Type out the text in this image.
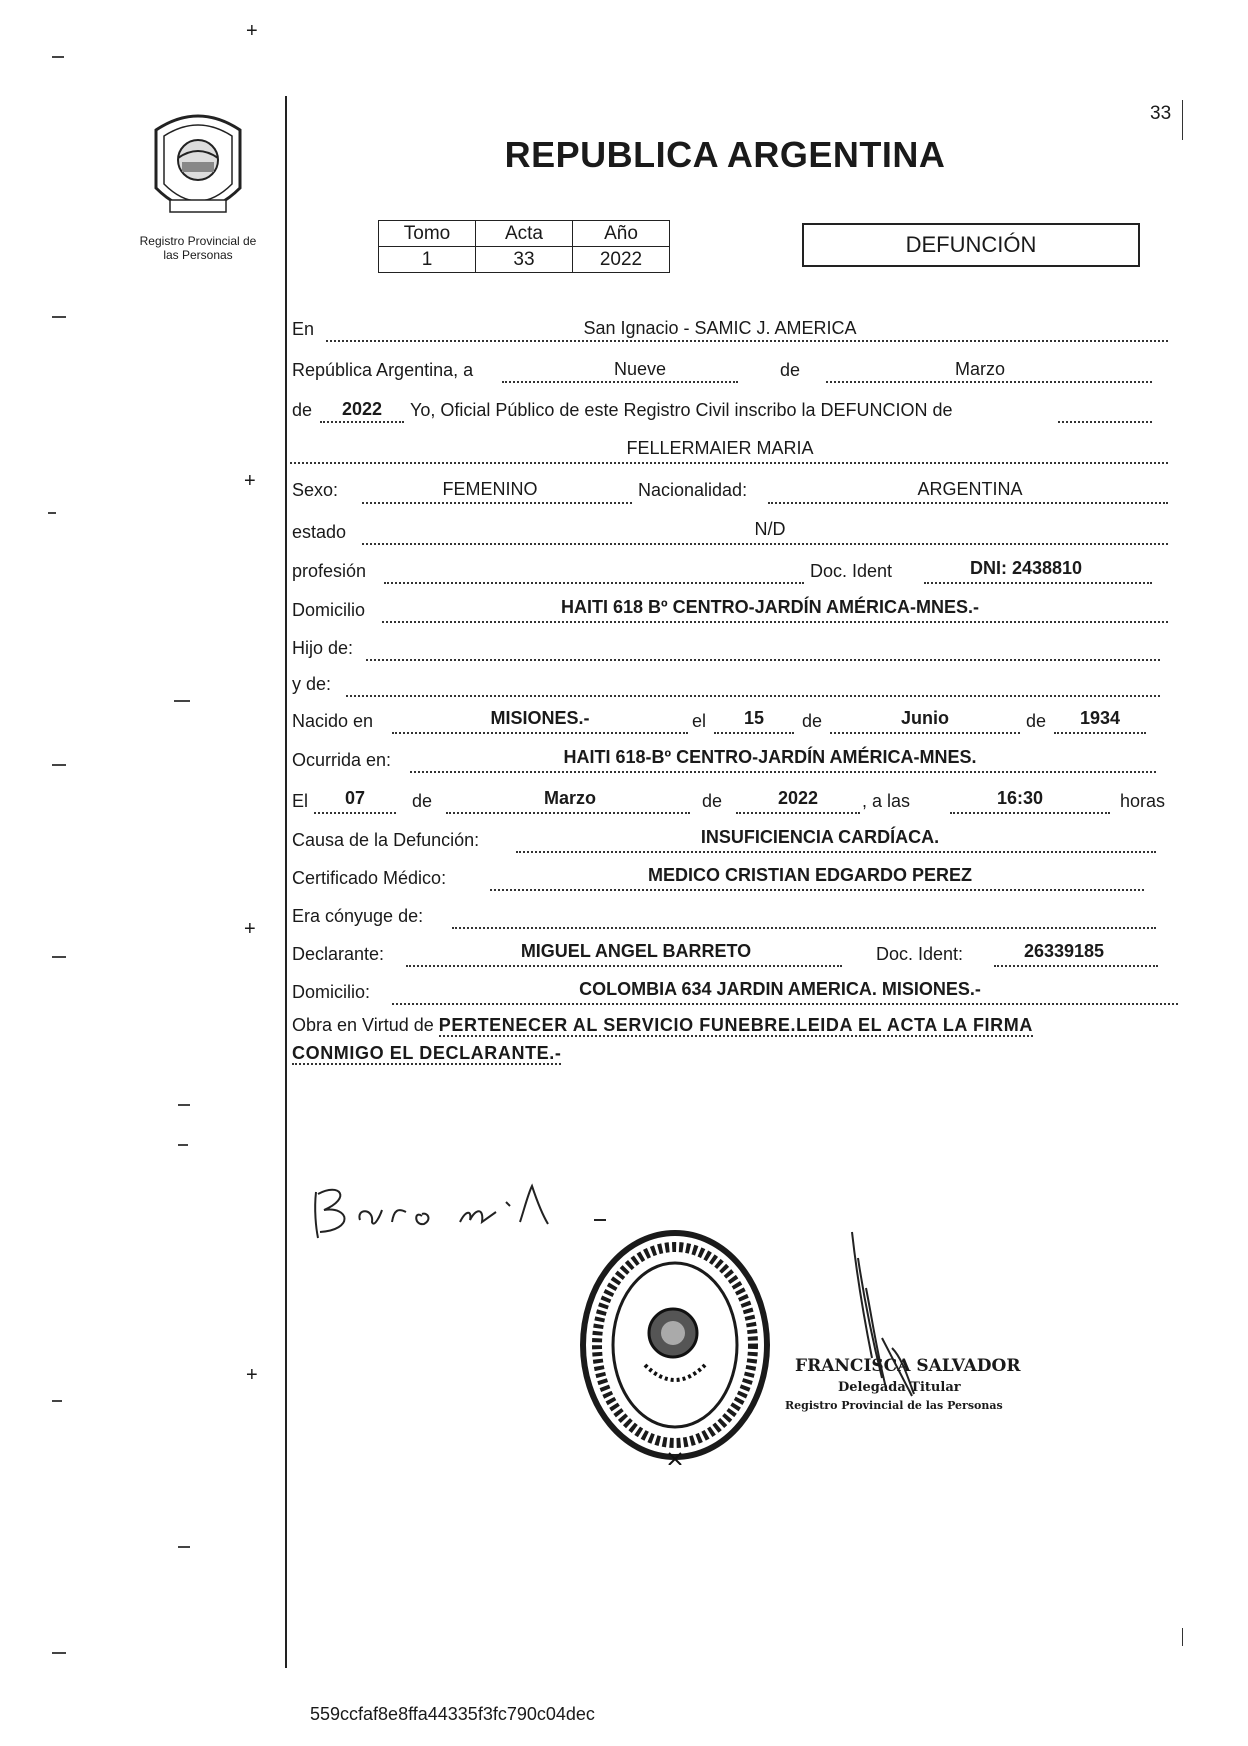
33
+
+
+
+
Registro Provincial de
las Personas
REPUBLICA ARGENTINA
Tomo	Acta	Año
1	33	2022
DEFUNCIÓN
En	San Ignacio - SAMIC J. AMERICA
República Argentina, a	Nueve	de	Marzo
de	2022	Yo, Oficial Público de este Registro Civil inscribo la DEFUNCION de
FELLERMAIER MARIA
Sexo:	FEMENINO	Nacionalidad:	ARGENTINA
estado	N/D
profesión	Doc. Ident	DNI: 2438810
Domicilio	HAITI 618 Bº CENTRO-JARDÍN AMÉRICA-MNES.-
Hijo de:
y de:
Nacido en	MISIONES.-	el	15	de	Junio	de	1934
Ocurrida en:	HAITI 618-Bº CENTRO-JARDÍN AMÉRICA-MNES.
El	07	de	Marzo	de	2022	, a las	16:30	horas
Causa de la Defunción:	INSUFICIENCIA CARDÍACA.
Certificado Médico:	MEDICO CRISTIAN EDGARDO PEREZ
Era cónyuge de:
Declarante:	MIGUEL ANGEL BARRETO	Doc. Ident:	26339185
Domicilio:	COLOMBIA 634 JARDIN AMERICA. MISIONES.-
Obra en Virtud de PERTENECER AL SERVICIO FUNEBRE.LEIDA EL ACTA LA FIRMA
CONMIGO EL DECLARANTE.-
FRANCISCA SALVADOR
Delegada Titular
Registro Provincial de las Personas
559ccfaf8e8ffa44335f3fc790c04dec
